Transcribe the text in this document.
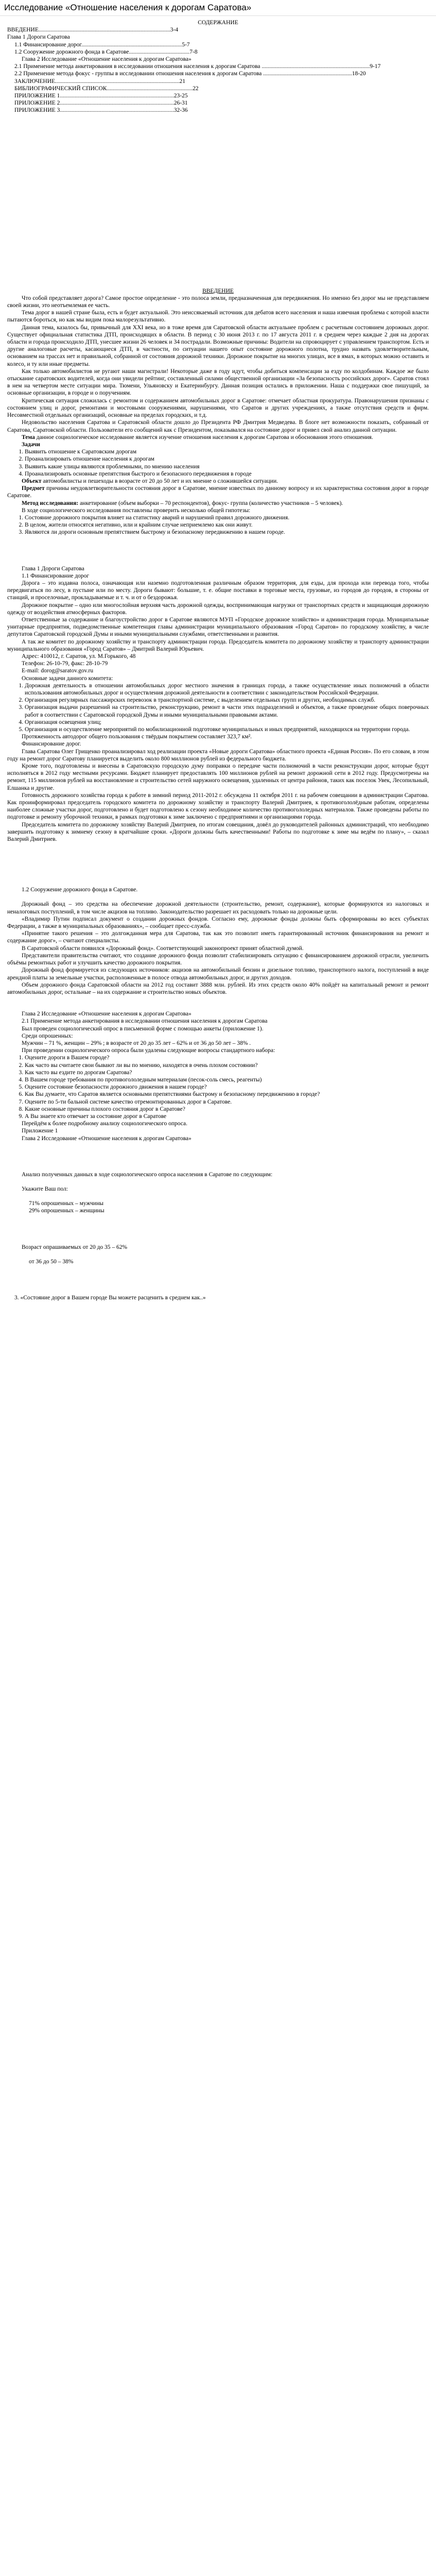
Исследование «Отношение населения к дорогам Саратова»

СОДЕРЖАНИЕ

ВВЕДЕНИЕ.........................................................................................3-4

Глава 1 Дороги Саратова

1.1 Финансирование дорог....................................................................5-7

1.2 Сооружение дорожного фонда в Саратове.........................................7-8

Глава 2 Исследование «Отношение населения к дорогам Саратова»

2.1 Применение метода анкетирования в исследовании отношения населения к дорогам Саратова .........................................................................9-17

2.2 Применение метода фокус - группы в исследовании отношения населения к дорогам Саратова ............................................................18-20

ЗАКЛЮЧЕНИЕ....................................................................................21

БИБЛИОГРАФИЧЕСКИЙ СПИСОК..........................................................22

ПРИЛОЖЕНИЕ 1.............................................................................23-25

ПРИЛОЖЕНИЕ 2.............................................................................26-31

ПРИЛОЖЕНИЕ 3.............................................................................32-36

ВВЕДЕНИЕ

Что собой представляет дорога? Самое простое определение - это полоса земли, предназначенная для передвижения. Но именно без дорог мы не представляем своей жизни, это неотъемлемая ее часть.

Тема дорог в нашей стране была, есть и будет актуальной. Это неиссякаемый источник для дебатов всего населения и наша извечная проблема с которой власти пытаются бороться, но как мы видим пока малорезультативно.

Данная тема, казалось бы, привычный для XXI века, но в тоже время для Саратовской области актуальнее проблем с расчетным состоянием дорожных дорог. Существует официальная статистика ДТП, происходящих в области. В период с 30 июня 2013 г. по 17 августа 2011 г. в среднем через каждые 2 дня на дорогах области и города происходило ДТП, унесшее жизни 26 человек и 34 пострадали. Возможные причины: Водители на спровоцирует с управлением транспортом. Есть и другие аналоговые расчеты, касающиеся ДТП, в частности, по ситуации нашего опыт состояние дорожного полотна, трудно назвать удовлетворительным, основанием на трассах нет и правильной, собранной от состояния дорожной техники. Дорожное покрытие на многих улицах, все в ямах, в которых можно оставить и колесо, и ту или иные предметы.

Как только автомобилистов не ругают наши магистрали! Некоторые даже в году идут, чтобы добиться компенсации за езду по колдобинам. Каждое же было отыскание саратовских водителей, когда они увидели рейтинг, составленный силами общественной организации «За безопасность российских дорог». Саратов стоял в нем на четвертом месте ситуации мира. Тюмени, Ульяновску и Екатеринбургу. Данная позиция остались в приложении. Наша с поддержки свое пишущий, за основные организации, в городе и о поручениям.

Критическая ситуация сложилась с ремонтом и содержанием автомобильных дорог в Саратове: отмечает областная прокуратура. Правонарушения признаны с состоянием улиц и дорог, ремонтами и мостовыми сооружениями, нарушениями, что Саратов и других учреждениях, а также отсутствия средств и фирм. Несовместной отдельных организаций, основные на пределах городских, и т.д.

Недовольство населения Саратова и Саратовской области дошло до Президента РФ Дмитрия Медведева. В блоге нет возможности показать, собранный от Саратова, Саратовской области. Пользователи его сообщений как с Президентом, показывался на состояние дорог и привел свой анализ данной ситуации.

Тема данное социологическое исследование является изучение отношения населения к дорогам Саратова и обоснования этого отношения.

Задачи

1. Выявить отношение к Саратовским дорогам
2. Проанализировать отношение населения к дорогам
3. Выявить какие улицы являются проблемными, по мнению населения
4. Проанализировать основные препятствия быстрого и безопасного передвижения в городе

Объект автомобилисты и пешеходы в возрасте от 20 до 50 лет и их мнение о сложившейся ситуации.

Предмет причины неудовлетворительности состояния дорог в Саратове, мнение известных по данному вопросу и их характеристика состояния дорог в городе Саратове.

Метод исследования: анкетирование (объем выборки – 70 респондентов), фокус- группа (количество участников – 5 человек).

В ходе социологического исследования поставлены проверить несколько общей гипотезы:

1. Состояние дорожного покрытия влияет на статистику аварий и нарушений правил дорожного движения.
2. В целом, жители относятся негативно, или и крайним случае неприемлемо как они живут.
3. Являются ли дороги основным препятствием быстрому и безопасному передвижению в нашем городе.

Глава 1 Дороги Саратова

1.1 Финансирование дорог

Дорога – это издавна полоса, означающая или наземно подготовленная различным образом территория, для езды, для прохода или перевода того, чтобы передвигаться по лесу, в пустыне или по месту. Дороги бывают: большие, т. е. общие поставки в торговые места, грузовые, из городов до городов, в стороны от станций, и проселочные, прокладываемые и т. ч. и от о бездорожья.

Дорожное покрытие – одно или многослойная верхняя часть дорожной одежды, воспринимающая нагрузки от транспортных средств и защищающая дорожную одежду от воздействия атмосферных факторов.

Ответственные за содержание и благоустройство дорог в Саратове являются МУП «Городское дорожное хозяйство» и администрация города. Муниципальные унитарные предприятия, подведомственные компетенция главы администрации муниципального образования «Город Саратов» по городскому хозяйству, в числе депутатов Саратовской городской Думы и иными муниципальными службами, ответственными и развития.

А так же комитет по дорожному хозяйству и транспорту администрации города. Председатель комитета по дорожному хозяйству и транспорту администрации муниципального образования «Город Саратов» – Дмитрий Валерий Юрьевич.

Адрес: 410012, г. Саратов, ул. М.Горького, 48

Телефон: 26-10-79, факс: 28-10-79

E-mail: dorog@saratov.gov.ru

Основные задачи данного комитета:

1. Дорожная деятельность в отношении автомобильных дорог местного значения в границах города, а также осуществление иных полномочий в области использования автомобильных дорог и осуществления дорожной деятельности в соответствии с законодательством Российской Федерации.
2. Организация регулярных пассажирских перевозок в транспортной системе, с выделением отдельных групп и других, необходимых служб.
3. Организация выдачи разрешений на строительство, реконструкцию, ремонт в части этих подразделений и объектов, а также проведение общих поверочных работ в соответствии с Саратовской городской Думы и иными муниципальными правовыми актами.
4. Организация освещения улиц;
5. Организация и осуществление мероприятий по мобилизационной подготовке муниципальных и иных предприятий, находящихся на территории города.

Протяженность автодорог общего пользования с твёрдым покрытием составляет 323,7 км².

Финансирование дорог.

Глава Саратова Олег Грищенко проанализировал ход реализации проекта «Новые дороги Саратова» областного проекта «Единая Россия». По его словам, в этом году на ремонт дорог Саратову планируется выделить около 800 миллионов рублей из федерального бюджета.

Кроме того, подготовлены и внесены в Саратовскую городскую думу поправки о передаче части полномочий в части реконструкции дорог, которые будут исполняться в 2012 году местными ресурсами. Бюджет планирует предоставлять 100 миллионов рублей на ремонт дорожной сети в 2012 году. Предусмотрены на ремонт, 115 миллионов рублей на восстановление и строительство сетей наружного освещения, удаленных от центра районов, таких как поселок Увек, Лесопильный, Елшанка и другие.

Готовность дорожного хозяйства города к работе в зимний период 2011-2012 г. обсуждена 11 октября 2011 г. на рабочем совещании в администрации Саратова. Как проинформировал председатель городского комитета по дорожному хозяйству и транспорту Валерий Дмитриев, к противогололёдным работам, определены наиболее сложные участки дорог, подготовлено и будет подготовлено к сезону необходимое количество противогололедных материалов. Также проведены работы по подготовке и ремонту уборочной техники, в рамках подготовки к зиме заключено с предприятиями и организациями города.

Председатель комитета по дорожному хозяйству Валерий Дмитриев, по итогам совещания, довёл до руководителей районных администраций, что необходимо завершить подготовку к зимнему сезону в кратчайшие сроки. «Дороги должны быть качественными! Работы по подготовке к зиме мы ведём по плану», – сказал Валерий Дмитриев.

1.2 Сооружение дорожного фонда в Саратове.

Дорожный фонд – это средства на обеспечение дорожной деятельности (строительство, ремонт, содержание), которые формируются из налоговых и неналоговых поступлений, в том числе акцизов на топливо. Законодательство разрешает их расходовать только на дорожные цели.

«Владимир Путин подписал документ о создании дорожных фондов. Согласно ему, дорожные фонды должны быть сформированы во всех субъектах Федерации, а также в муниципальных образованиях», – сообщает пресс-служба.

«Принятие такого решения – это долгожданная мера для Саратова, так как это позволит иметь гарантированный источник финансирования на ремонт и содержание дорог», – считают специалисты.

В Саратовской области появился «Дорожный фонд». Соответствующий законопроект принят областной думой.

Представители правительства считают, что создание дорожного фонда позволит стабилизировать ситуацию с финансированием дорожной отрасли, увеличить объёмы ремонтных работ и улучшить качество дорожного покрытия.

Дорожный фонд формируется из следующих источников: акцизов на автомобильный бензин и дизельное топливо, транспортного налога, поступлений в виде арендной платы за земельные участки, расположенные в полосе отвода автомобильных дорог, и других доходов.

Объем дорожного фонда Саратовской области на 2012 год составит 3888 млн. рублей. Из этих средств около 40% пойдёт на капитальный ремонт и ремонт автомобильных дорог, остальные – на их содержание и строительство новых объектов.

Глава 2 Исследование «Отношение населения к дорогам Саратова»

2.1 Применение метода анкетирования в исследовании отношения населения к дорогам Саратова

Был проведен социологический опрос в письменной форме с помощью анкеты (приложение 1).

Среди опрошенных:

Мужчин – 71 %, женщин – 29% ; в возрасте от 20 до 35 лет – 62% и от 36 до 50 лет – 38% .

При проведении социологического опроса были удалены следующие вопросы стандартного набора:

1. Оцените дороги в Вашем городе?
2. Как часто вы считаете свои бывают ли вы по мнению, находятся в очень плохом состоянии?
3. Как часто вы ездите по дорогам Саратова?
4. В Вашем городе требования по противогололедным материалам (песок-соль смесь, реагенты)
5. Оцените состояние безопасности дорожного движения в нашем городе?
6. Как Вы думаете, что Саратов является основными препятствиями быстрому и безопасному передвижению в городе?
7. Оцените по 5-ти бальной системе качество отремонтированных дорог в Саратове.
8. Какие основные причины плохого состояния дорог в Саратове?
9. А Вы знаете кто отвечает за состояние дорог в Саратове

Перейдём к более подробному анализу социологического опроса.

Приложение 1

Глава 2 Исследование «Отношение населения к дорогам Саратова»

Анализ полученных данных в ходе социологического опроса населения в Саратове по следующим:

Укажите Ваш пол:

71% опрошенных – мужчины

29% опрошенных – женщины

Возраст опрашиваемых от 20 до 35 – 62%

от 36 до 50 – 38%

3. «Состояние дорог в Вашем городе Вы можете расценить в среднем как..»
